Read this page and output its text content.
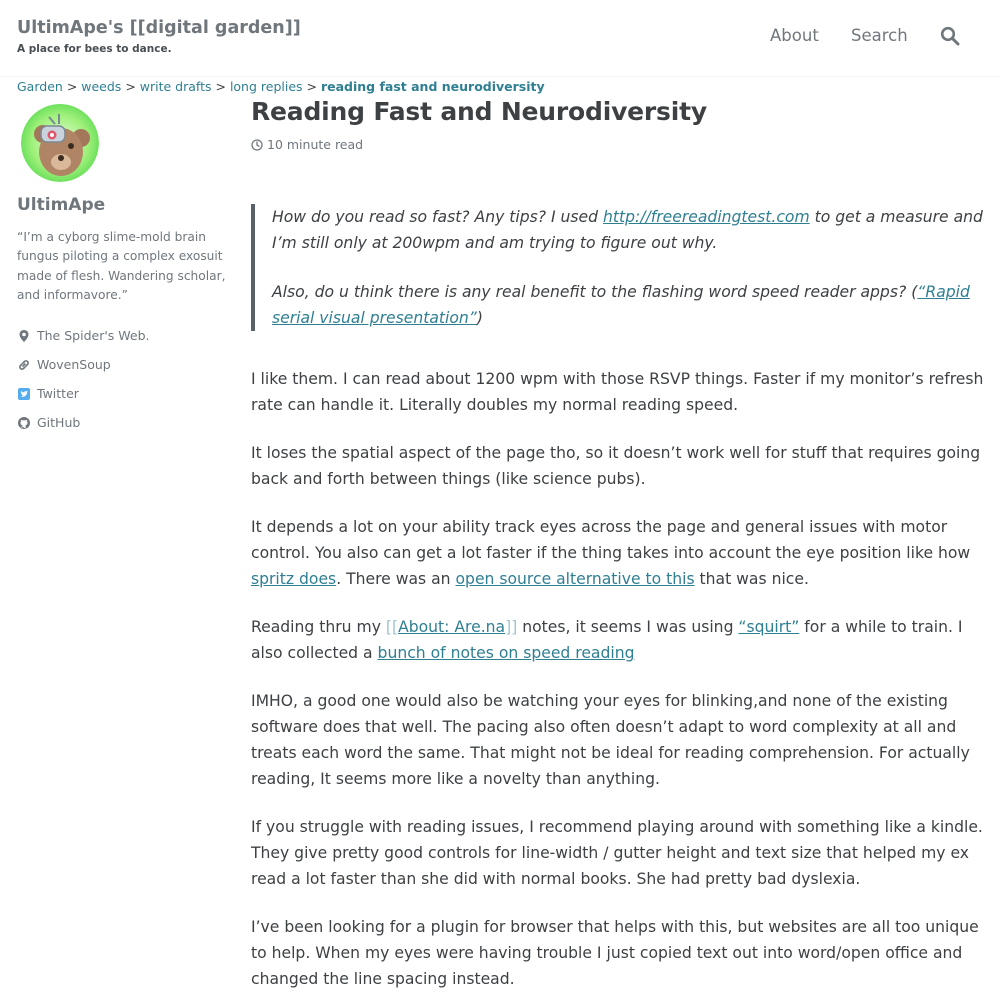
UltimApe's [[digital garden]]
A place for bees to dance.
About Search
Garden > weeds > write drafts > long replies > reading fast and neurodiversity
UltimApe
“I’m a cyborg slime-mold brain fungus piloting a complex exosuit made of flesh. Wandering scholar, and informavore.”
The Spider's Web.
WovenSoup
Twitter
GitHub
Reading Fast and Neurodiversity
10 minute read

How do you read so fast? Any tips? I used http://freereadingtest.com to get a measure and I’m still only at 200wpm and am trying to figure out why.

Also, do u think there is any real benefit to the flashing word speed reader apps? (“Rapid serial visual presentation”)

I like them. I can read about 1200 wpm with those RSVP things. Faster if my monitor’s refresh rate can handle it. Literally doubles my normal reading speed.

It loses the spatial aspect of the page tho, so it doesn’t work well for stuff that requires going back and forth between things (like science pubs).

It depends a lot on your ability track eyes across the page and general issues with motor control. You also can get a lot faster if the thing takes into account the eye position like how spritz does. There was an open source alternative to this that was nice.

Reading thru my [[About: Are.na]] notes, it seems I was using “squirt” for a while to train. I also collected a bunch of notes on speed reading

IMHO, a good one would also be watching your eyes for blinking,and none of the existing software does that well. The pacing also often doesn’t adapt to word complexity at all and treats each word the same. That might not be ideal for reading comprehension. For actually reading, It seems more like a novelty than anything.

If you struggle with reading issues, I recommend playing around with something like a kindle. They give pretty good controls for line-width / gutter height and text size that helped my ex read a lot faster than she did with normal books. She had pretty bad dyslexia.

I’ve been looking for a plugin for browser that helps with this, but websites are all too unique to help. When my eyes were having trouble I just copied text out into word/open office and changed the line spacing instead.
